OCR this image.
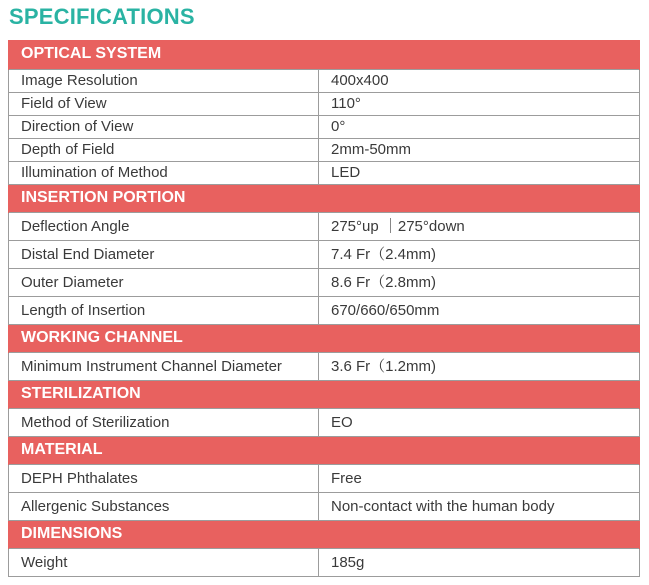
SPECIFICATIONS
OPTICAL SYSTEM	
Image Resolution	400x400
Field of View	110°
Direction of View	0°
Depth of Field	2mm-50mm
Illumination of Method	LED
INSERTION PORTION	
Deflection Angle	275°up ｜275°down
Distal End Diameter	7.4 Fr（2.4mm)
Outer Diameter	8.6 Fr（2.8mm)
Length of Insertion	670/660/650mm
WORKING CHANNEL	
Minimum Instrument Channel Diameter	3.6 Fr（1.2mm)
STERILIZATION	
Method of Sterilization	EO
MATERIAL	
DEPH Phthalates	Free
Allergenic Substances	Non-contact with the human body
DIMENSIONS	
Weight	185g
